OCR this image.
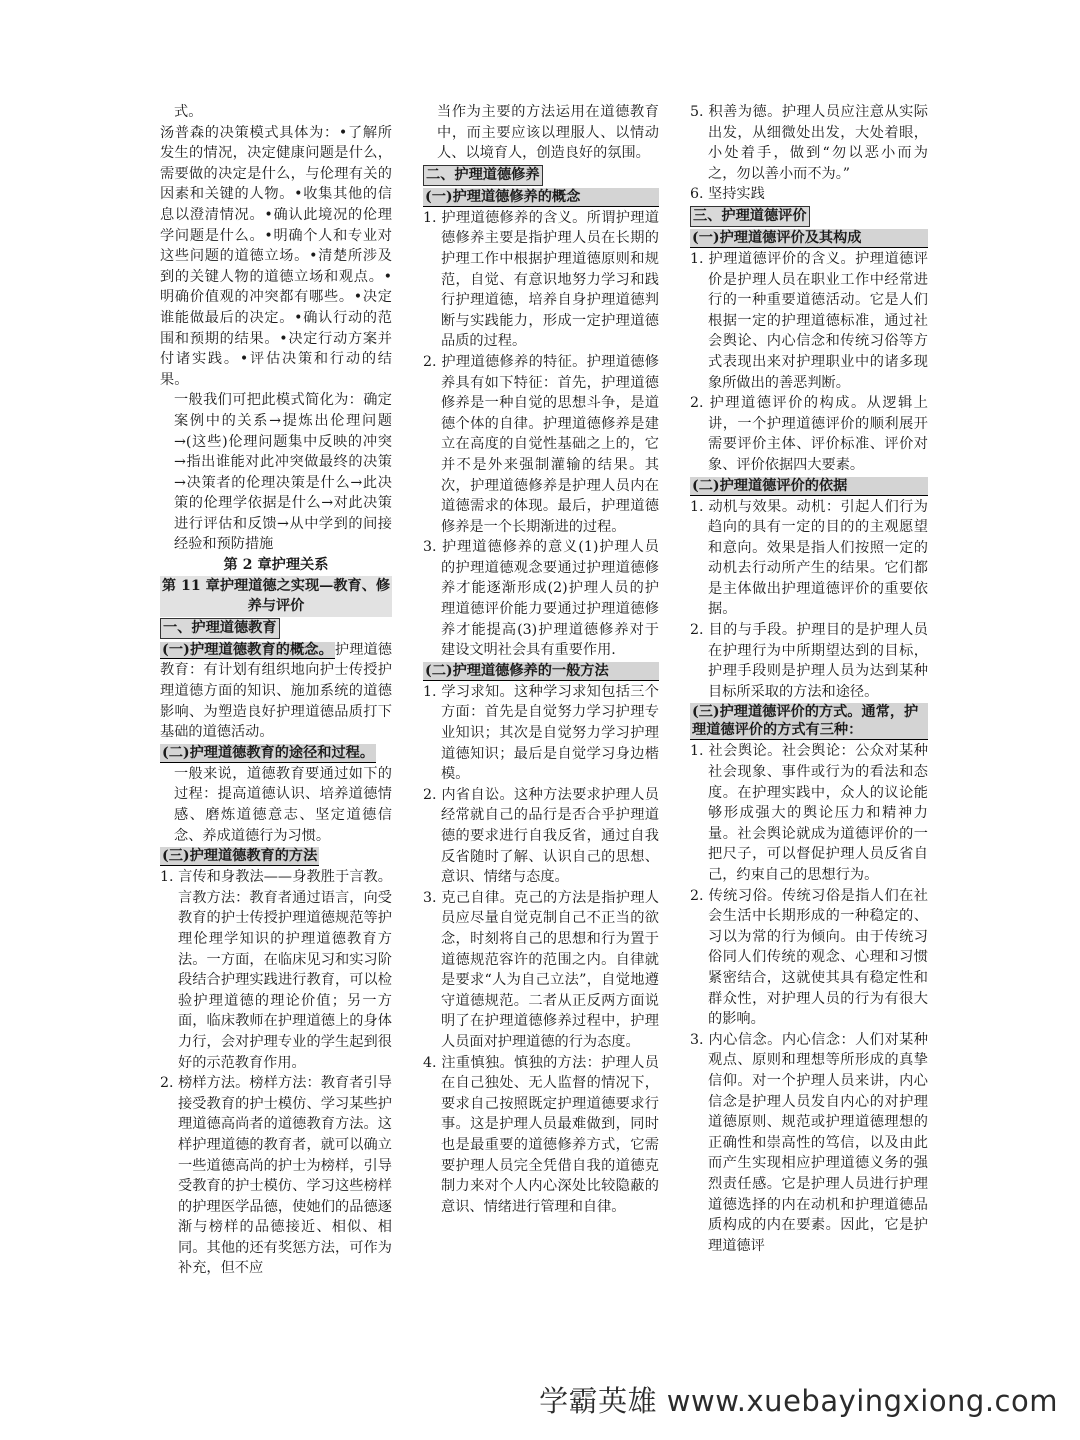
式。

汤普森的决策模式具体为：•了解所发生的情况，决定健康问题是什么，需要做的决定是什么，与伦理有关的因素和关键的人物。•收集其他的信息以澄清情况。•确认此境况的伦理学问题是什么。•明确个人和专业对这些问题的道德立场。•清楚所涉及到的关键人物的道德立场和观点。•明确价值观的冲突都有哪些。•决定谁能做最后的决定。•确认行动的范围和预期的结果。•决定行动方案并付诸实践。•评估决策和行动的结果。

一般我们可把此模式简化为：确定案例中的关系→提炼出伦理问题→(这些)伦理问题集中反映的冲突→指出谁能对此冲突做最终的决策→决策者的伦理决策是什么→此决策的伦理学依据是什么→对此决策进行评估和反馈→从中学到的间接经验和预防措施

第 2 章护理关系

第 11 章护理道德之实现—教育、修养与评价

一、护理道德教育

(一)护理道德教育的概念。 护理道德教育：有计划有组织地向护士传授护理道德方面的知识、施加系统的道德影响、为塑造良好护理道德品质打下基础的道德活动。

(二)护理道德教育的途径和过程。

一般来说，道德教育要通过如下的过程：提高道德认识、培养道德情感、磨炼道德意志、坚定道德信念、养成道德行为习惯。

(三)护理道德教育的方法

1. 言传和身教法——身教胜于言教。言教方法：教育者通过语言，向受教育的护士传授护理道德规范等护理伦理学知识的护理道德教育方法。一方面，在临床见习和实习阶段结合护理实践进行教育，可以检验护理道德的理论价值；另一方面，临床教师在护理道德上的身体力行，会对护理专业的学生起到很好的示范教育作用。

2. 榜样方法。榜样方法：教育者引导接受教育的护士模仿、学习某些护理道德高尚者的道德教育方法。这样护理道德的教育者，就可以确立一些道德高尚的护士为榜样，引导受教育的护士模仿、学习这些榜样的护理医学品德，使她们的品德逐渐与榜样的品德接近、相似、相同。其他的还有奖惩方法，可作为补充，但不应

当作为主要的方法运用在道德教育中，而主要应该以理服人、以情动人、以境育人，创造良好的氛围。

二、护理道德修养
(一)护理道德修养的概念

1. 护理道德修养的含义。所谓护理道德修养主要是指护理人员在长期的护理工作中根据护理道德原则和规范，自觉、有意识地努力学习和践行护理道德，培养自身护理道德判断与实践能力，形成一定护理道德品质的过程。

2. 护理道德修养的特征。护理道德修养具有如下特征：首先，护理道德修养是一种自觉的思想斗争，是道德个体的自律。护理道德修养是建立在高度的自觉性基础之上的，它并不是外来强制灌输的结果。其次，护理道德修养是护理人员内在道德需求的体现。最后，护理道德修养是一个长期渐进的过程。

3. 护理道德修养的意义(1)护理人员的护理道德观念要通过护理道德修养才能逐渐形成(2)护理人员的护理道德评价能力要通过护理道德修养才能提高(3)护理道德修养对于建设文明社会具有重要作用.

(二)护理道德修养的一般方法

1. 学习求知。这种学习求知包括三个方面：首先是自觉努力学习护理专业知识；其次是自觉努力学习护理道德知识；最后是自觉学习身边楷模。

2. 内省自讼。这种方法要求护理人员经常就自己的品行是否合乎护理道德的要求进行自我反省，通过自我反省随时了解、认识自己的思想、意识、情绪与态度。

3. 克己自律。克己的方法是指护理人员应尽量自觉克制自己不正当的欲念，时刻将自己的思想和行为置于道德规范容许的范围之内。自律就是要求“人为自己立法”，自觉地遵守道德规范。二者从正反两方面说明了在护理道德修养过程中，护理人员面对护理道德的行为态度。

4. 注重慎独。慎独的方法：护理人员在自己独处、无人监督的情况下，要求自己按照既定护理道德要求行事。这是护理人员最难做到，同时也是最重要的道德修养方式，它需要护理人员完全凭借自我的道德克制力来对个人内心深处比较隐蔽的意识、情绪进行管理和自律。

5. 积善为德。护理人员应注意从实际出发，从细微处出发，大处着眼，小处着手，做到“勿以恶小而为之，勿以善小而不为。”

6. 坚持实践

三、护理道德评价
(一)护理道德评价及其构成

1. 护理道德评价的含义。护理道德评价是护理人员在职业工作中经常进行的一种重要道德活动。它是人们根据一定的护理道德标准，通过社会舆论、内心信念和传统习俗等方式表现出来对护理职业中的诸多现象所做出的善恶判断。

2. 护理道德评价的构成。从逻辑上讲，一个护理道德评价的顺利展开需要评价主体、评价标准、评价对象、评价依据四大要素。

(二)护理道德评价的依据

1. 动机与效果。动机：引起人们行为趋向的具有一定的目的的主观愿望和意向。效果是指人们按照一定的动机去行动所产生的结果。它们都是主体做出护理道德评价的重要依据。

2. 目的与手段。护理目的是护理人员在护理行为中所期望达到的目标，护理手段则是护理人员为达到某种目标所采取的方法和途径。

(三)护理道德评价的方式。通常，护理道德评价的方式有三种：

1. 社会舆论。社会舆论：公众对某种社会现象、事件或行为的看法和态度。在护理实践中，众人的议论能够形成强大的舆论压力和精神力量。社会舆论就成为道德评价的一把尺子，可以督促护理人员反省自己，约束自己的思想行为。

2. 传统习俗。传统习俗是指人们在社会生活中长期形成的一种稳定的、习以为常的行为倾向。由于传统习俗同人们传统的观念、心理和习惯紧密结合，这就使其具有稳定性和群众性，对护理人员的行为有很大的影响。

3. 内心信念。内心信念：人们对某种观点、原则和理想等所形成的真挚信仰。对一个护理人员来讲，内心信念是护理人员发自内心的对护理道德原则、规范或护理道德理想的正确性和崇高性的笃信，以及由此而产生实现相应护理道德义务的强烈责任感。它是护理人员进行护理道德选择的内在动机和护理道德品质构成的内在要素。因此，它是护理道德评

学霸英雄 www.xuebayingxiong.com
